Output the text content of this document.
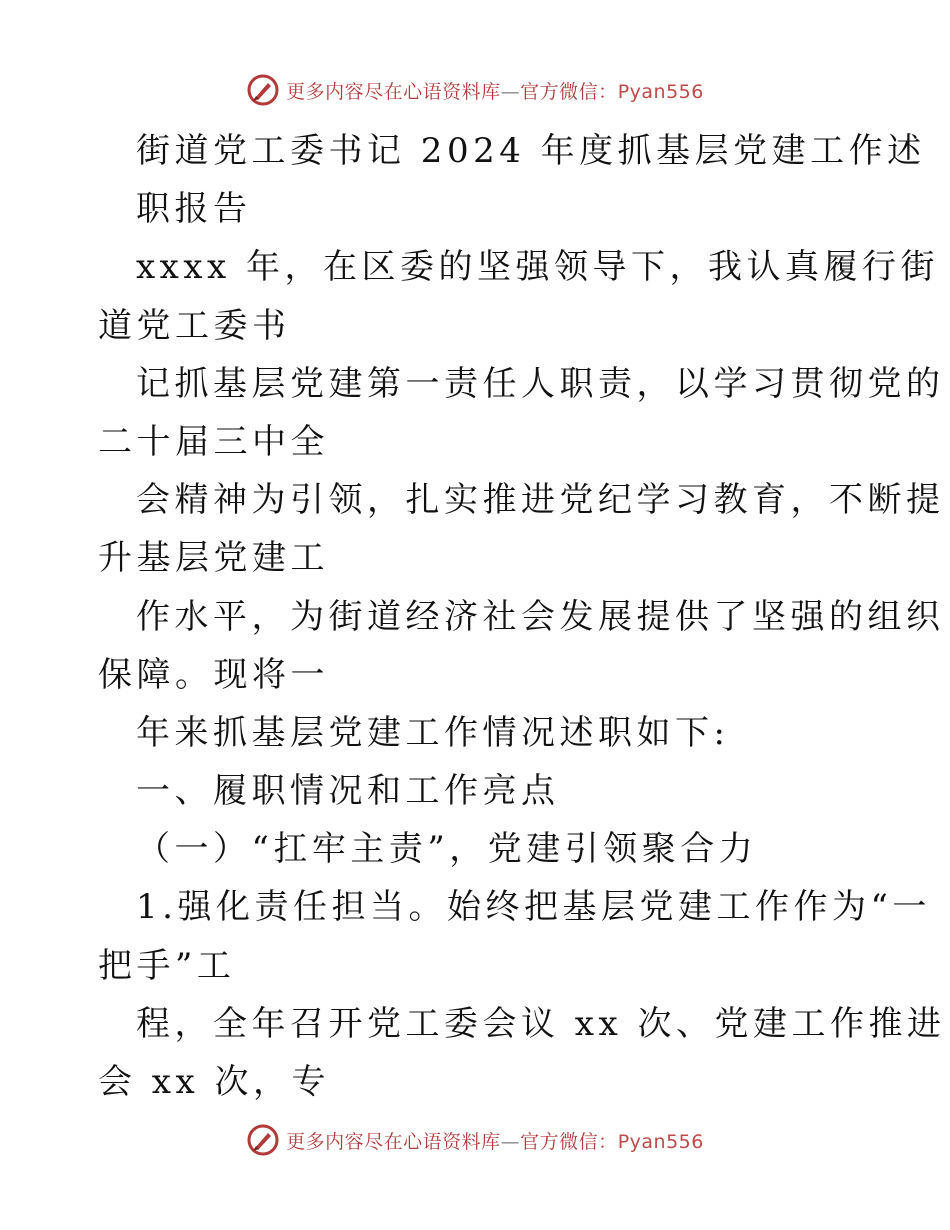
更多内容尽在心语资料库—官方微信：Pyan556
街道党工委书记 2024 年度抓基层党建工作述
职报告
xxxx 年，在区委的坚强领导下，我认真履行街
道党工委书
记抓基层党建第一责任人职责，以学习贯彻党的
二十届三中全
会精神为引领，扎实推进党纪学习教育，不断提
升基层党建工
作水平，为街道经济社会发展提供了坚强的组织
保障。现将一
年来抓基层党建工作情况述职如下:
一、履职情况和工作亮点
（一）“扛牢主责”，党建引领聚合力
1.强化责任担当。始终把基层党建工作作为“一
把手”工
程，全年召开党工委会议 xx 次、党建工作推进
会 xx 次，专
更多内容尽在心语资料库—官方微信：Pyan556
